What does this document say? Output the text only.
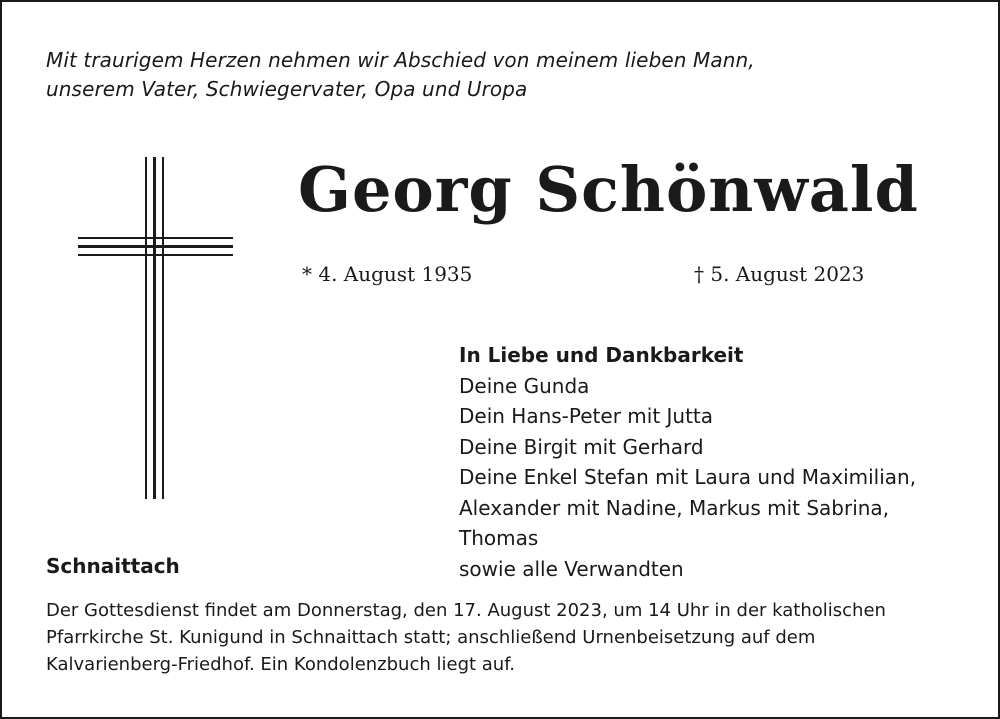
Mit traurigem Herzen nehmen wir Abschied von meinem lieben Mann,
unserem Vater, Schwiegervater, Opa und Uropa
Georg Schönwald
* 4. August 1935	† 5. August 2023
In Liebe und Dankbarkeit
Deine Gunda
Dein Hans-Peter mit Jutta
Deine Birgit mit Gerhard
Deine Enkel Stefan mit Laura und Maximilian,
Alexander mit Nadine, Markus mit Sabrina,
Thomas
sowie alle Verwandten
Schnaittach
Der Gottesdienst findet am Donnerstag, den 17. August 2023, um 14 Uhr in der katholischen
Pfarrkirche St. Kunigund in Schnaittach statt; anschließend Urnenbeisetzung auf dem
Kalvarienberg-Friedhof. Ein Kondolenzbuch liegt auf.
